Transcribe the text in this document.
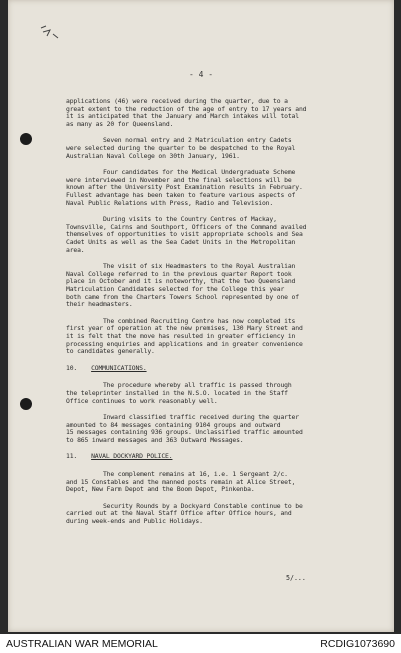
- 4 -

applications (46) were received during the quarter, due to a
great extent to the reduction of the age of entry to 17 years and
it is anticipated that the January and March intakes will total
as many as 20 for Queensland.

Seven normal entry and 2 Matriculation entry Cadets
were selected during the quarter to be despatched to the Royal
Australian Naval College on 30th January, 1961.

Four candidates for the Medical Undergraduate Scheme
were interviewed in November and the final selections will be
known after the University Post Examination results in February.
Fullest advantage has been taken to feature various aspects of
Naval Public Relations with Press, Radio and Television.

During visits to the Country Centres of Mackay,
Townsville, Cairns and Southport, Officers of the Command availed
themselves of opportunities to visit appropriate schools and Sea
Cadet Units as well as the Sea Cadet Units in the Metropolitan
area.

The visit of six Headmasters to the Royal Australian
Naval College referred to in the previous quarter Report took
place in October and it is noteworthy, that the two Queensland
Matriculation Candidates selected for the College this year
both came from the Charters Towers School represented by one of
their headmasters.

The combined Recruiting Centre has now completed its
first year of operation at the new premises, 130 Mary Street and
it is felt that the move has resulted in greater efficiency in
processing enquiries and applications and in greater convenience
to candidates generally.

10. COMMUNICATIONS.

The procedure whereby all traffic is passed through
the teleprinter installed in the N.S.O. located in the Staff
Office continues to work reasonably well.

Inward classified traffic received during the quarter
amounted to 84 messages containing 9104 groups and outward
15 messages containing 936 groups. Unclassified traffic amounted
to 865 inward messages and 363 Outward Messages.

11. NAVAL DOCKYARD POLICE.

The complement remains at 16, i.e. 1 Sergeant 2/c.
and 15 Constables and the manned posts remain at Alice Street,
Depot, New Farm Depot and the Boom Depot, Pinkenba.

Security Rounds by a Dockyard Constable continue to be
carried out at the Naval Staff Office after Office hours, and
during week-ends and Public Holidays.

5/...
AUSTRALIAN WAR MEMORIAL	RCDIG1073690
